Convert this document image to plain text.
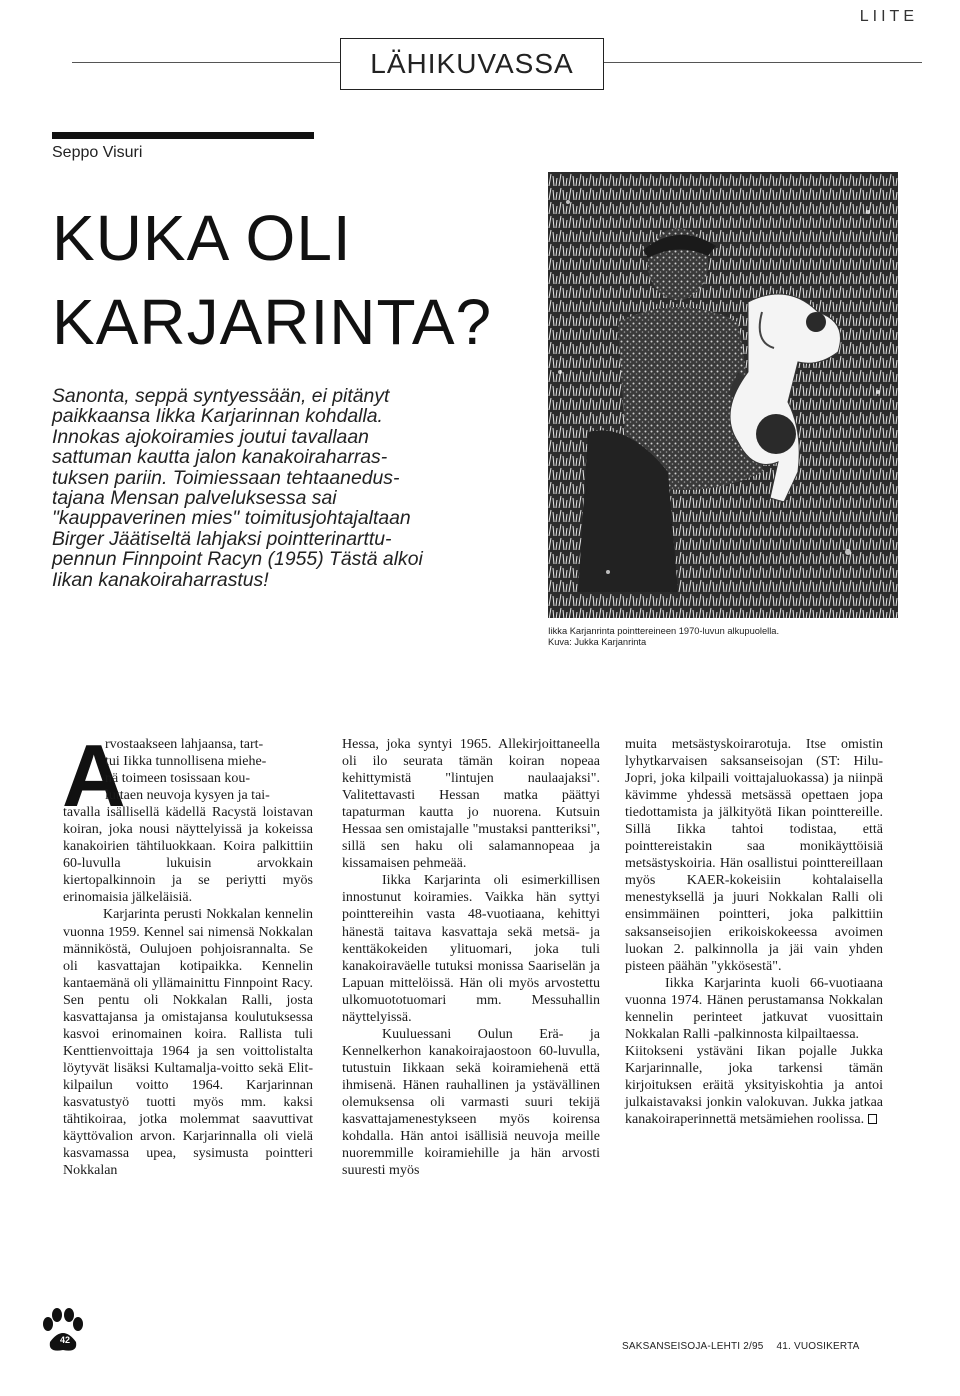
LIITE
LÄHIKUVASSA
Seppo Visuri
KUKA OLI
KARJARINTA?

Sanonta, seppä syntyessään, ei pitänyt
paikkaansa Iikka Karjarinnan kohdalla.
Innokas ajokoiramies joutui tavallaan
sattuman kautta jalon kanakoiraharras-
tuksen pariin. Toimiessaan tehtaanedus-
tajana Mensan palveluksessa sai
"kauppaverinen mies" toimitusjohtajaltaan
Birger Jäätiseltä lahjaksi pointterinarttu-
pennun Finnpoint Racyn (1955) Tästä alkoi
Iikan kanakoiraharrastus!

Iikka Karjanrinta pointtereineen 1970-luvun alkupuolella.
Kuva: Jukka Karjanrinta
A

rvostaakseen lahjaansa, tart-
tui Iikka tunnollisena miehe-
nä toimeen tosissaan kou-
luttaen neuvoja kysyen ja tai-
tavalla isällisellä kädellä Racystä loistavan koiran, joka nousi näyttelyissä ja kokeissa kanakoirien tähtiluokkaan. Koira palkittiin 60-luvulla lukuisin arvokkain kiertopalkinnoin ja se periytti myös erinomaisia jälkeläisiä.

Karjarinta perusti Nokkalan kennelin vuonna 1959. Kennel sai nimensä Nokkalan männiköstä, Oulujoen pohjoisrannalta. Se oli kasvattajan kotipaikka. Kennelin kantaemänä oli yllämainittu Finnpoint Racy. Sen pentu oli Nokkalan Ralli, josta kasvattajansa ja omistajansa koulutuksessa kasvoi erinomainen koira. Rallista tuli Kenttienvoittaja 1964 ja sen voittolistalta löytyvät lisäksi Kultamalja-voitto sekä Elit-kilpailun voitto 1964. Karjarinnan kasvatustyö tuotti myös mm. kaksi tähtikoiraa, jotka molemmat saavuttivat käyttövalion arvon. Karjarinnalla oli vielä kasvamassa upea, sysimusta pointteri Nokkalan

Hessa, joka syntyi 1965. Allekirjoittaneella oli ilo seurata tämän koiran nopeaa kehittymistä "lintujen naulaajaksi". Valitettavasti Hessan matka päättyi tapaturman kautta jo nuorena. Kutsuin Hessaa sen omistajalle "mustaksi pantteriksi", sillä sen haku oli salamannopeaa ja kissamaisen pehmeää.

Iikka Karjarinta oli esimerkillisen innostunut koiramies. Vaikka hän syttyi pointtereihin vasta 48-vuotiaana, kehittyi hänestä taitava kasvattaja sekä metsä- ja kenttäkokeiden ylituomari, joka tuli kanakoiraväelle tutuksi monissa Saariselän ja Lapuan mittelöissä. Hän oli myös arvostettu ulkomuototuomari mm. Messuhallin näyttelyissä.

Kuuluessani Oulun Erä- ja Kennelkerhon kanakoirajaostoon 60-luvulla, tutustuin Iikkaan sekä koiramiehenä että ihmisenä. Hänen rauhallinen ja ystävällinen olemuksensa oli varmasti suuri tekijä kasvattajamenestykseen myös koirensa kohdalla. Hän antoi isällisiä neuvoja meille nuoremmille koiramiehille ja hän arvosti suuresti myös

muita metsästyskoirarotuja. Itse omistin lyhytkarvaisen saksanseisojan (ST: Hilu-Jopri, joka kilpaili voittajaluokassa) ja niinpä kävimme yhdessä metsässä opettaen jopa tiedottamista ja jälkityötä Iikan pointtereille. Sillä Iikka tahtoi todistaa, että pointtereistakin saa monikäyttöisiä metsästyskoiria. Hän osallistui pointtereillaan myös KAER-kokeisiin kohtalaisella menestyksellä ja juuri Nokkalan Ralli oli ensimmäinen pointteri, joka palkittiin saksanseisojien erikoiskokeessa avoimen luokan 2. palkinnolla ja jäi vain yhden pisteen päähän "ykkösestä".

Iikka Karjarinta kuoli 66-vuotiaana vuonna 1974. Hänen perustamansa Nokkalan kennelin perinteet jatkuvat vuosittain Nokkalan Ralli -palkinnosta kilpailtaessa.

Kiitokseni ystäväni Iikan pojalle Jukka Karjarinnalle, joka tarkensi tämän kirjoituksen eräitä yksityiskohtia ja antoi julkaistavaksi jonkin valokuvan. Jukka jatkaa kanakoiraperinnettä metsämiehen roolissa.

42
SAKSANSEISOJA-LEHTI 2/95 41. VUOSIKERTA
